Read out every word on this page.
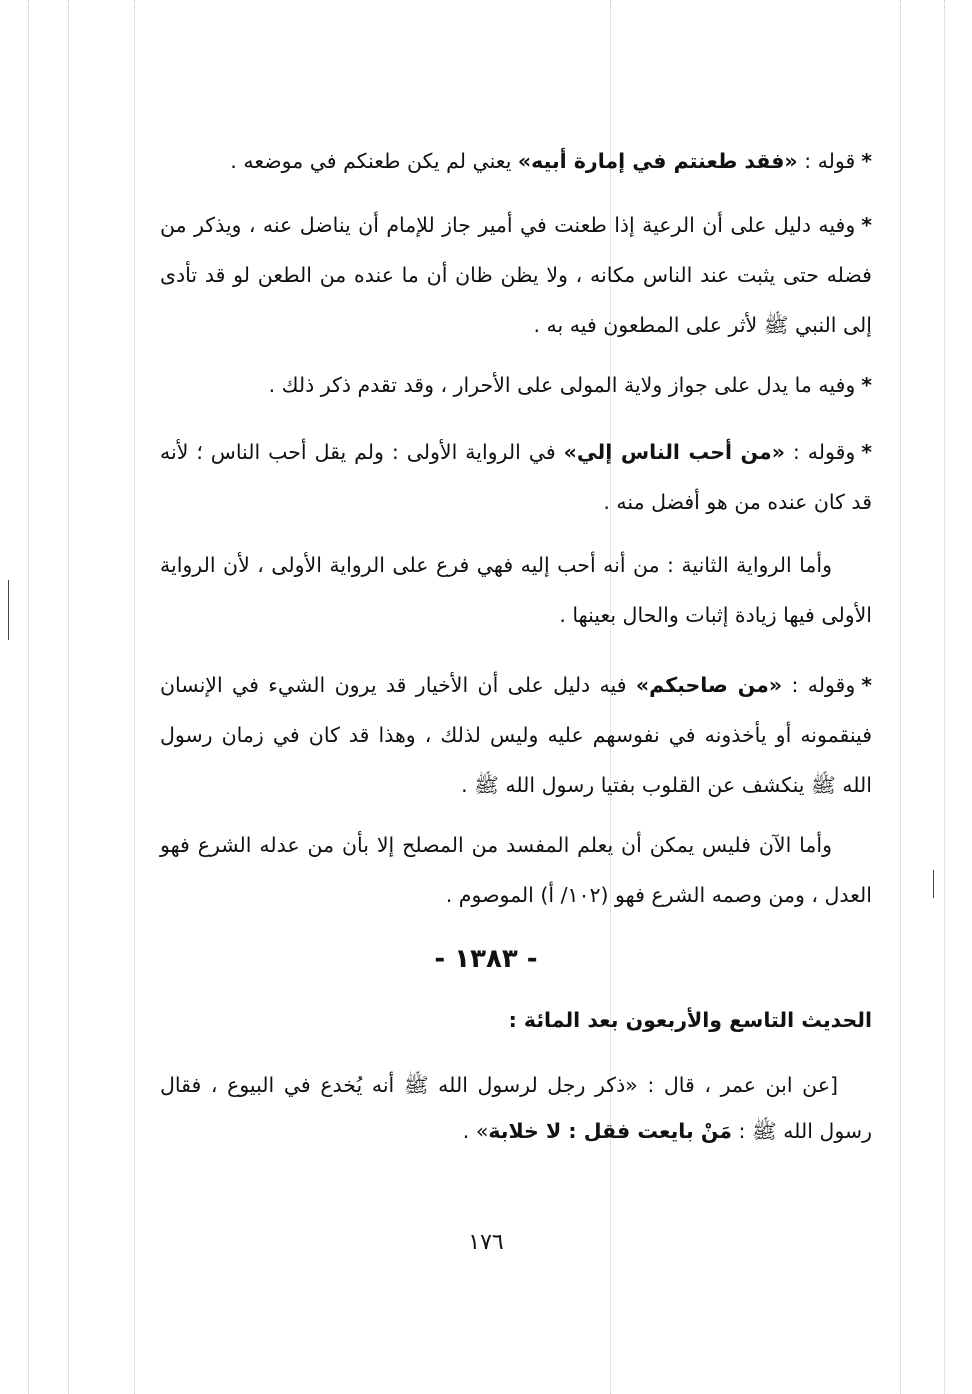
*قوله : «فقد طعنتم في إمارة أبيه» يعني لم يكن طعنكم في موضعه .

*وفيه دليل على أن الرعية إذا طعنت في أمير جاز للإمام أن يناضل عنه ، ويذكر من فضله حتى يثبت عند الناس مكانه ، ولا يظن ظان أن ما عنده من الطعن لو قد تأدى إلى النبي ﷺ لأثر على المطعون فيه به .

*وفيه ما يدل على جواز ولاية المولى على الأحرار ، وقد تقدم ذكر ذلك .

*وقوله : «من أحب الناس إلي» في الرواية الأولى : ولم يقل أحب الناس ؛ لأنه قد كان عنده من هو أفضل منه .

وأما الرواية الثانية : من أنه أحب إليه فهي فرع على الرواية الأولى ، لأن الرواية الأولى فيها زيادة إثبات والحال بعينها .

*وقوله : «من صاحبكم» فيه دليل على أن الأخيار قد يرون الشيء في الإنسان فينقمونه أو يأخذونه في نفوسهم عليه وليس لذلك ، وهذا قد كان في زمان رسول الله ﷺ ينكشف عن القلوب بفتيا رسول الله ﷺ .

وأما الآن فليس يمكن أن يعلم المفسد من المصلح إلا بأن من عدله الشرع فهو العدل ، ومن وصمه الشرع فهو (١٠٢/ أ) الموصوم .

- ١٣٨٣ -
الحديث التاسع والأربعون بعد المائة :

[عن ابن عمر ، قال : «ذكر رجل لرسول الله ﷺ أنه يُخدع في البيوع ، فقال رسول الله ﷺ : مَنْ بايعت فقل : لا خلابة» .

١٧٦
